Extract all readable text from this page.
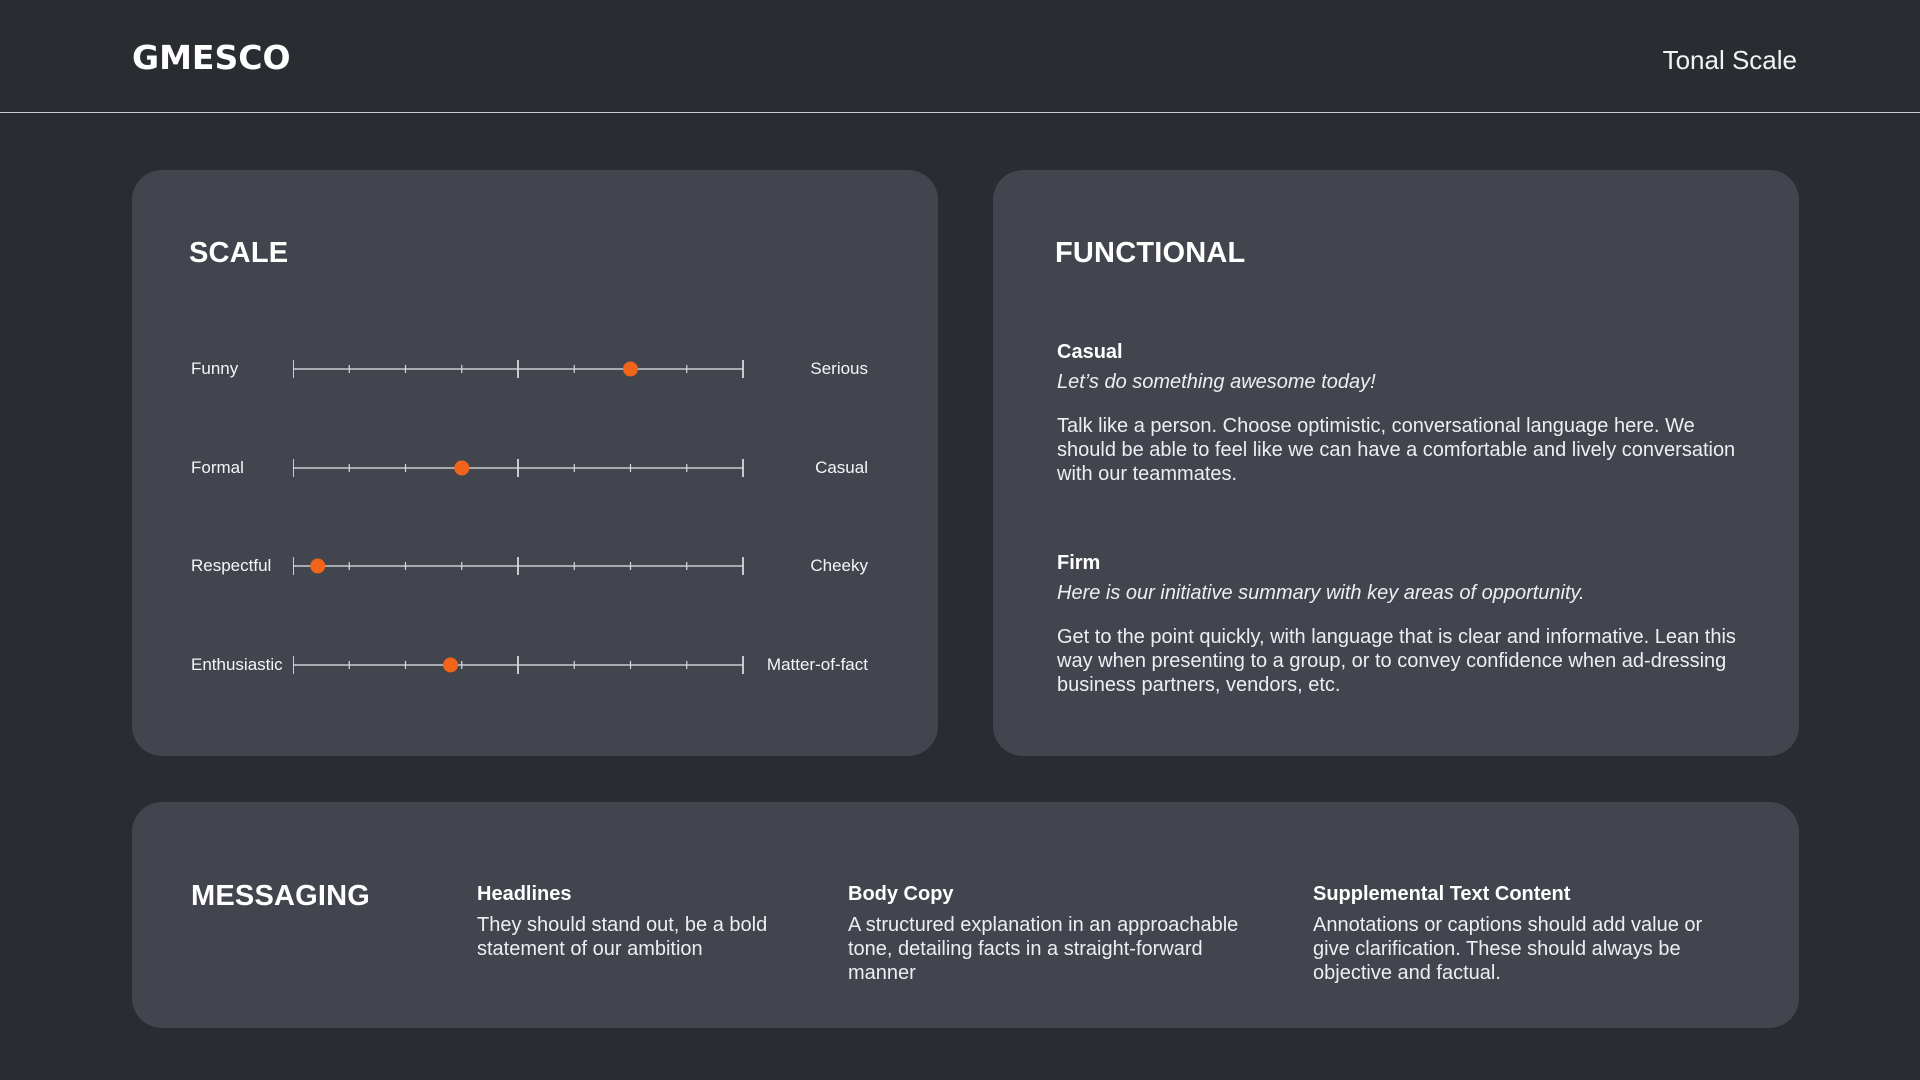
GMESCO	Tonal Scale
SCALE
Funny	Serious
Formal	Casual
Respectful	Cheeky
Enthusiastic	Matter-of-fact
FUNCTIONAL
Casual
Let’s do something awesome today!
Talk like a person. Choose optimistic, conversational language here. We should be able to feel like we can have a comfortable and lively conversation with our teammates.
Firm
Here is our initiative summary with key areas of opportunity.
Get to the point quickly, with language that is clear and informative. Lean this way when presenting to a group, or to convey confidence when ad-dressing business partners, vendors, etc.
MESSAGING	Headlines
They should stand out, be a bold statement of our ambition
Body Copy
A structured explanation in an approachable tone, detailing facts in a straight-forward manner
Supplemental Text Content
Annotations or captions should add value or give clarification. These should always be objective and factual.
